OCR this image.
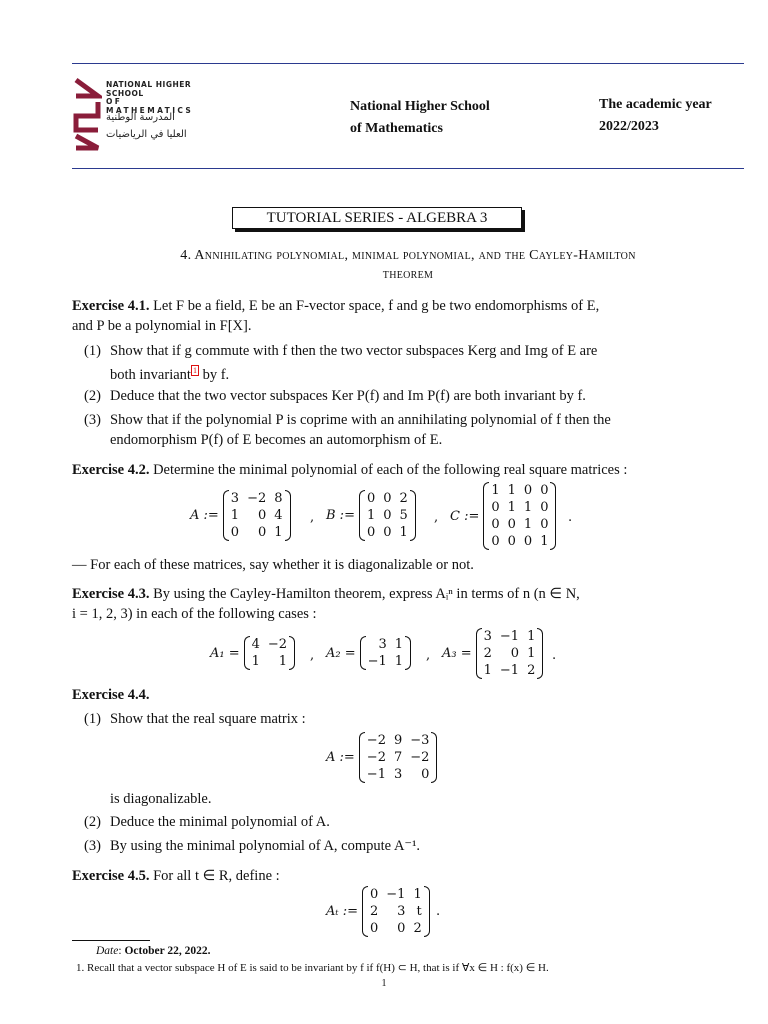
NATIONAL HIGHER SCHOOL
OF MATHEMATICS
المدرسة الوطنية
العليا في الرياضيات
National Higher School
of Mathematics
The academic year
2022/2023
TUTORIAL SERIES - ALGEBRA 3
4. Annihilating polynomial, minimal polynomial, and the Cayley-Hamilton
theorem
Exercise 4.1. Let F be a field, E be an F-vector space, f and g be two endomorphisms of E,
and P be a polynomial in F[X].
(1) Show that if g commute with f then the two vector subspaces Kerg and Img of E are
both invariant $^1$ by f.
(2) Deduce that the two vector subspaces Ker P(f) and Im P(f) are both invariant by f.
(3) Show that if the polynomial P is coprime with an annihilating polynomial of f then the
endomorphism P(f) of E becomes an automorphism of E.
Exercise 4.2. Determine the minimal polynomial of each of the following real square matrices :
A :=
3 −2 8
1	0 4
0	0 1
, B :=
0 0 2
1 0 5
0 0 1
, C :=
1 1 0 0
0 1 1 0
0 0 1 0
0 0 0 1
.
— For each of these matrices, say whether it is diagonalizable or not.
Exercise 4.3. By using the Cayley-Hamilton theorem, express Aᵢⁿ in terms of n (n ∈ N,
i = 1, 2, 3) in each of the following cases :
A₁ =
4 −2
1	1 , A₂ =
3 1
−1 1 , A₃ =
3 −1 1
2	0 1
1 −1 2
.
Exercise 4.4.
(1) Show that the real square matrix :
A :=
−2 9 −3
−2 7 −2
−1 3	0
is diagonalizable.
(2) Deduce the minimal polynomial of A.
(3) By using the minimal polynomial of A, compute A⁻¹.
Exercise 4.5. For all t ∈ R, define :
Aₜ :=
0 −1 1
2	3 t
0	0 2
.
Date: October 22, 2022.
1. Recall that a vector subspace H of E is said to be invariant by f if f(H) ⊂ H, that is if ∀x ∈ H : f(x) ∈ H.
1
